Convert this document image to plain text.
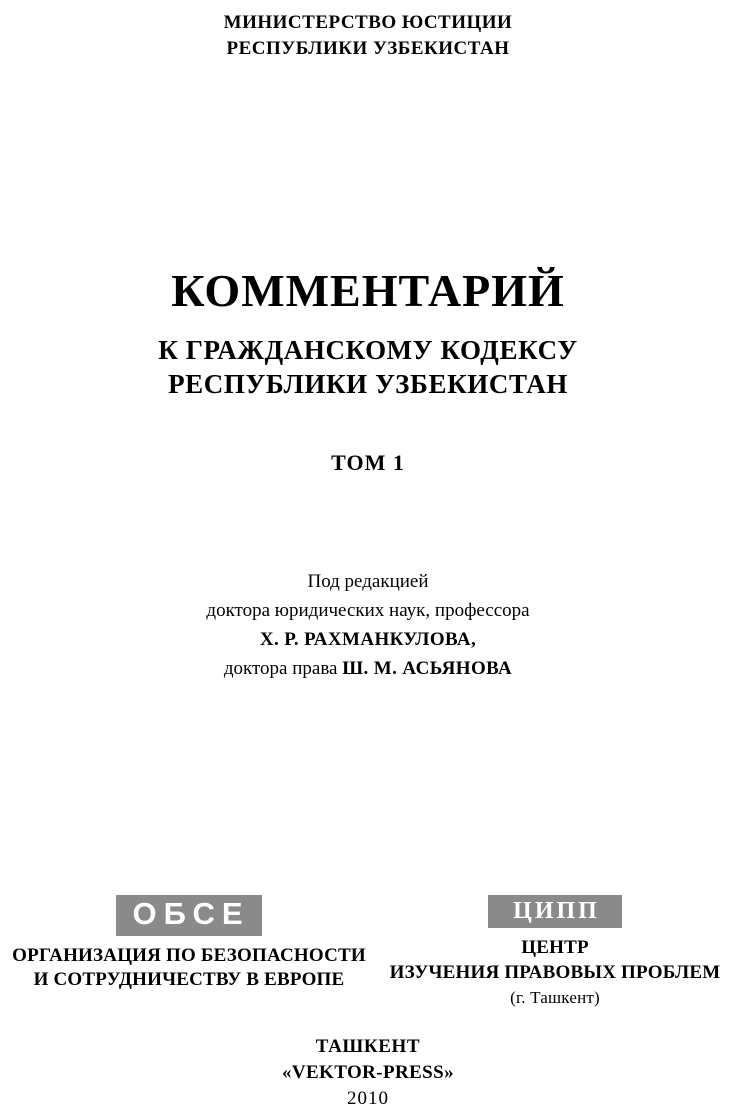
МИНИСТЕРСТВО ЮСТИЦИИ
РЕСПУБЛИКИ УЗБЕКИСТАН
КОММЕНТАРИЙ
К ГРАЖДАНСКОМУ КОДЕКСУ
РЕСПУБЛИКИ УЗБЕКИСТАН
ТОМ 1
Под редакцией
доктора юридических наук, профессора
Х. Р. РАХМАНКУЛОВА,
доктора права Ш. М. АСЬЯНОВА
ОБСЕ
ОРГАНИЗАЦИЯ ПО БЕЗОПАСНОСТИ
И СОТРУДНИЧЕСТВУ В ЕВРОПЕ
ЦИПП
ЦЕНТР
ИЗУЧЕНИЯ ПРАВОВЫХ ПРОБЛЕМ
(г. Ташкент)
ТАШКЕНТ
«VEKTOR-PRESS»
2010
